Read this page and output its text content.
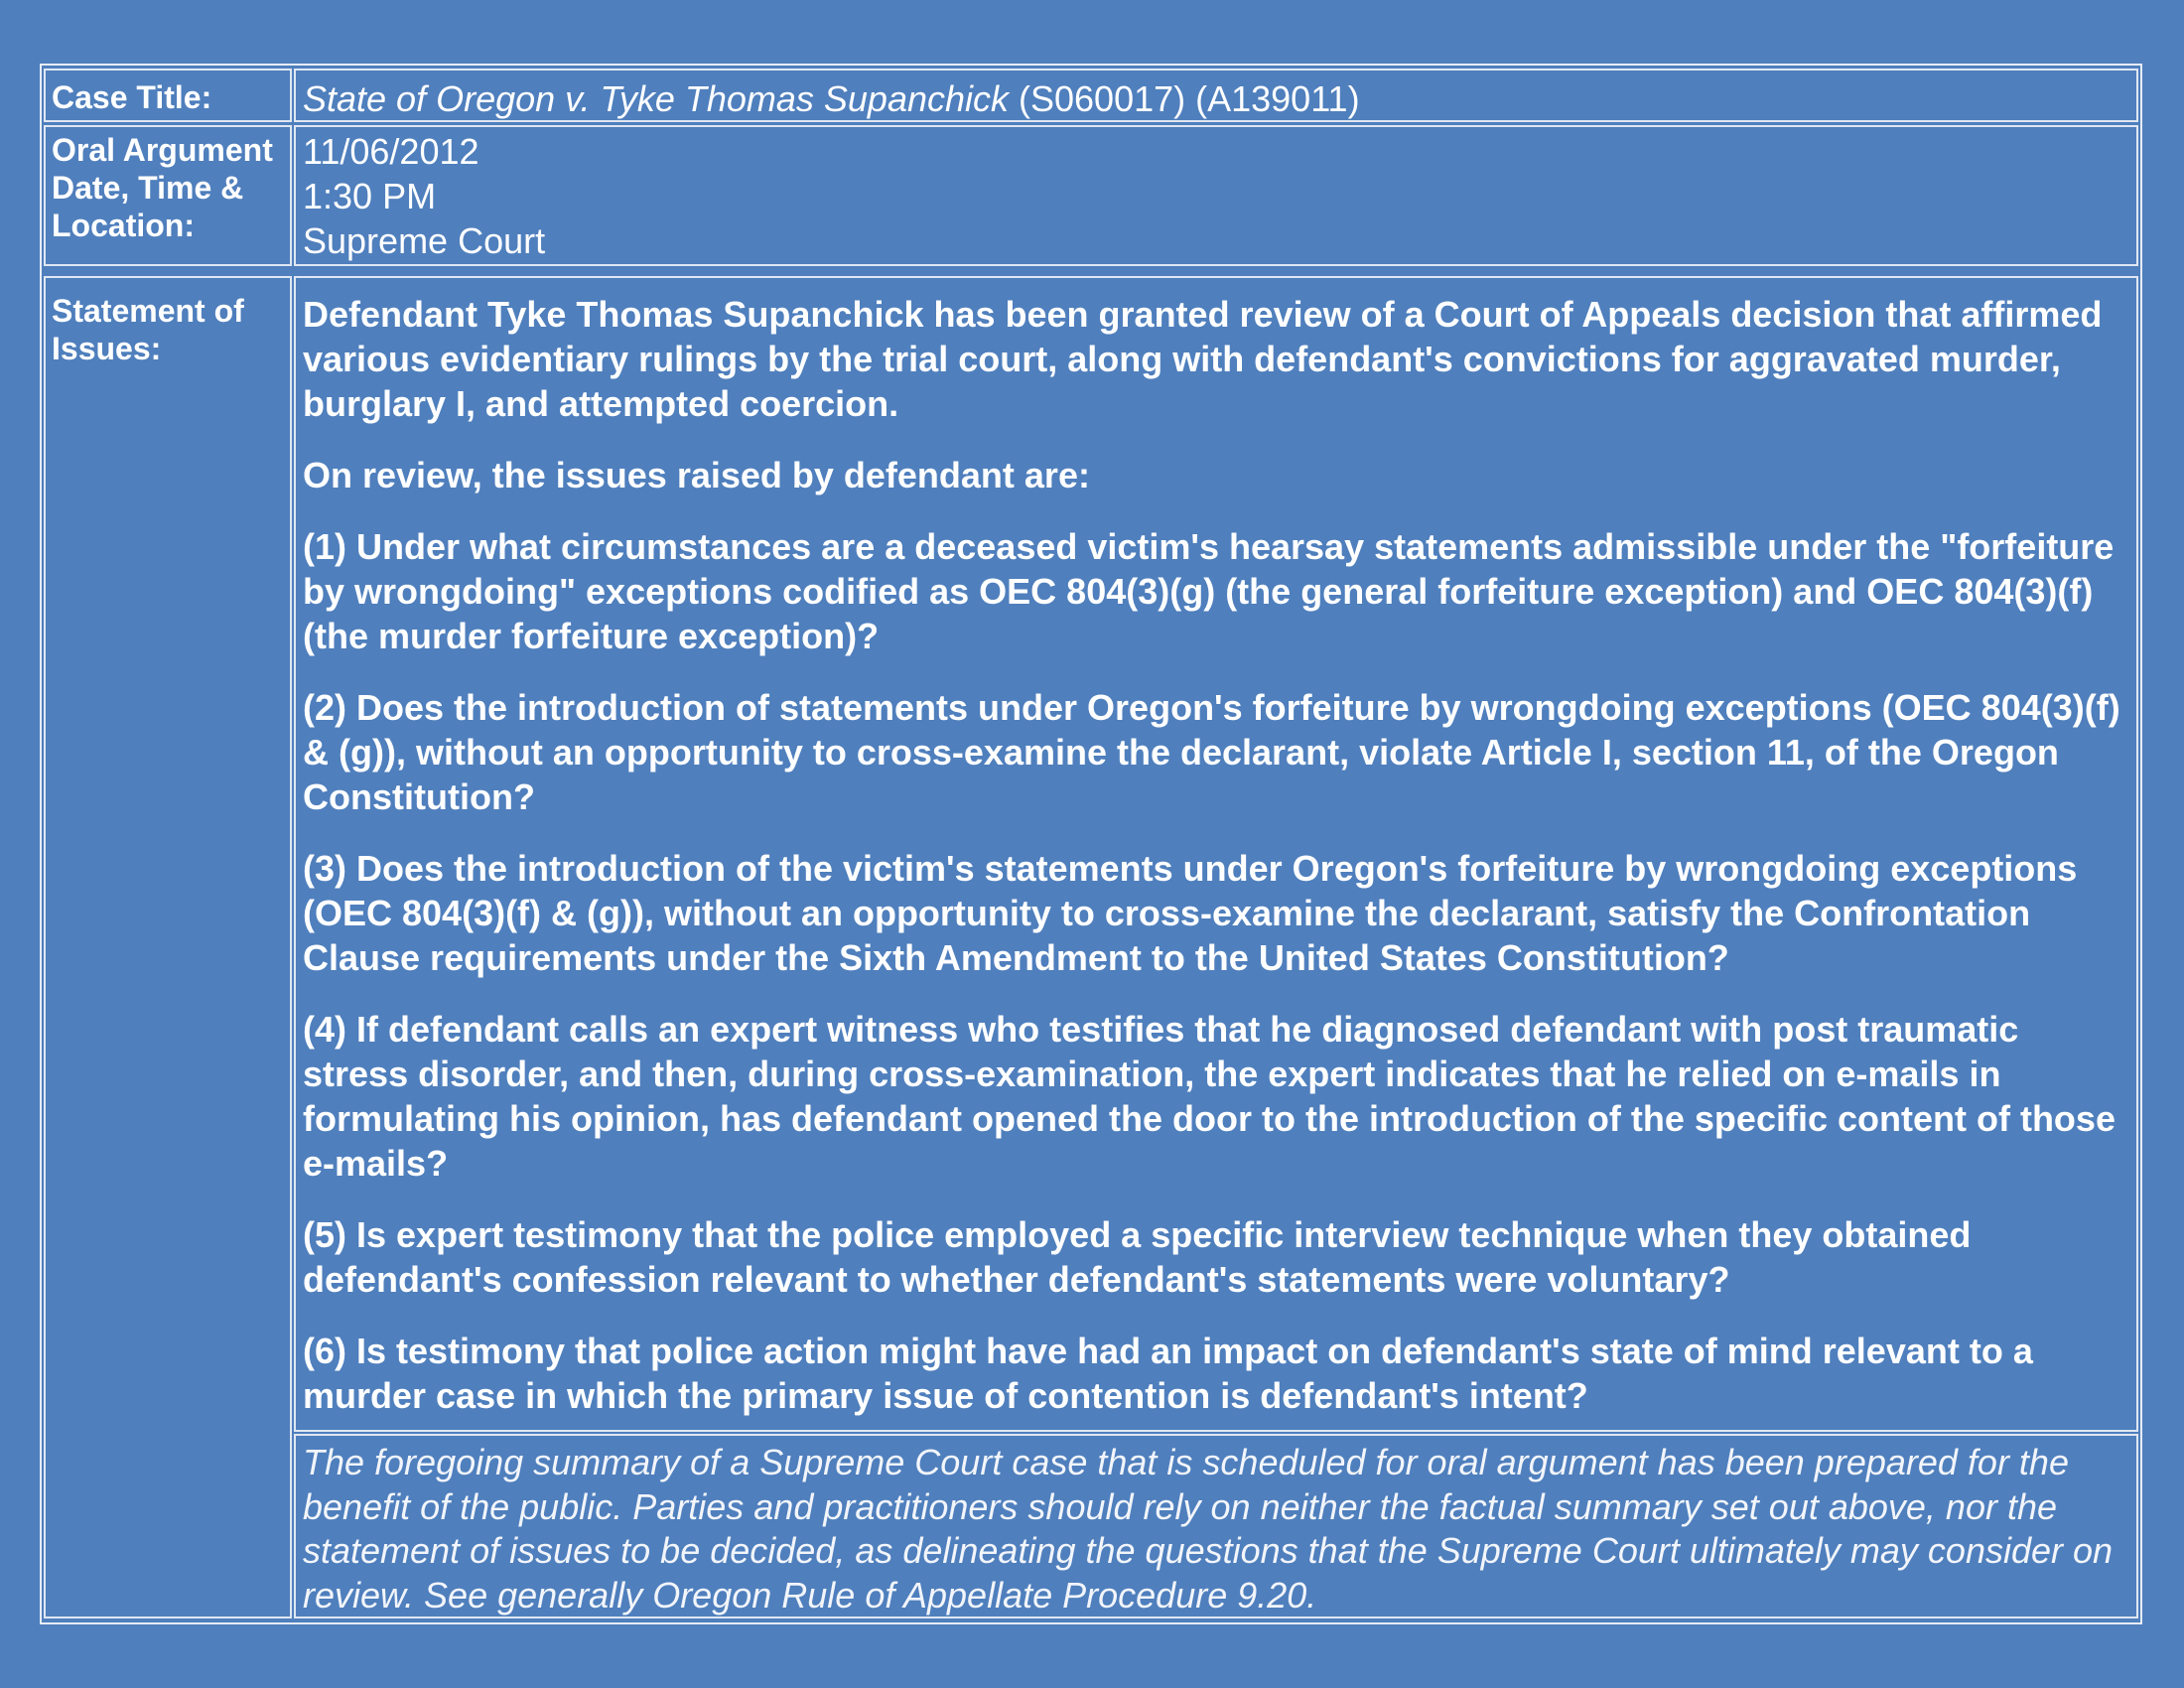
Case Title:	State of Oregon v. Tyke Thomas Supanchick (S060017) (A139011)
Oral Argument Date, Time & Location:
11/06/2012
1:30 PM
Supreme Court
Statement of Issues:

Defendant Tyke Thomas Supanchick has been granted review of a Court of Appeals decision that affirmed various evidentiary rulings by the trial court, along with defendant's convictions for aggravated murder, burglary I, and attempted coercion.

On review, the issues raised by defendant are:

(1) Under what circumstances are a deceased victim's hearsay statements admissible under the "forfeiture by wrongdoing" exceptions codified as OEC 804(3)(g) (the general forfeiture exception) and OEC 804(3)(f) (the murder forfeiture exception)?

(2) Does the introduction of statements under Oregon's forfeiture by wrongdoing exceptions (OEC 804(3)(f) & (g)), without an opportunity to cross-examine the declarant, violate Article I, section 11, of the Oregon Constitution?

(3) Does the introduction of the victim's statements under Oregon's forfeiture by wrongdoing exceptions (OEC 804(3)(f) & (g)), without an opportunity to cross-examine the declarant, satisfy the Confrontation Clause requirements under the Sixth Amendment to the United States Constitution?

(4) If defendant calls an expert witness who testifies that he diagnosed defendant with post traumatic stress disorder, and then, during cross-examination, the expert indicates that he relied on e-mails in formulating his opinion, has defendant opened the door to the introduction of the specific content of those e-mails?

(5) Is expert testimony that the police employed a specific interview technique when they obtained defendant's confession relevant to whether defendant's statements were voluntary?

(6) Is testimony that police action might have had an impact on defendant's state of mind relevant to a murder case in which the primary issue of contention is defendant's intent?

The foregoing summary of a Supreme Court case that is scheduled for oral argument has been prepared for the benefit of the public. Parties and practitioners should rely on neither the factual summary set out above, nor the statement of issues to be decided, as delineating the questions that the Supreme Court ultimately may consider on review. See generally Oregon Rule of Appellate Procedure 9.20.
